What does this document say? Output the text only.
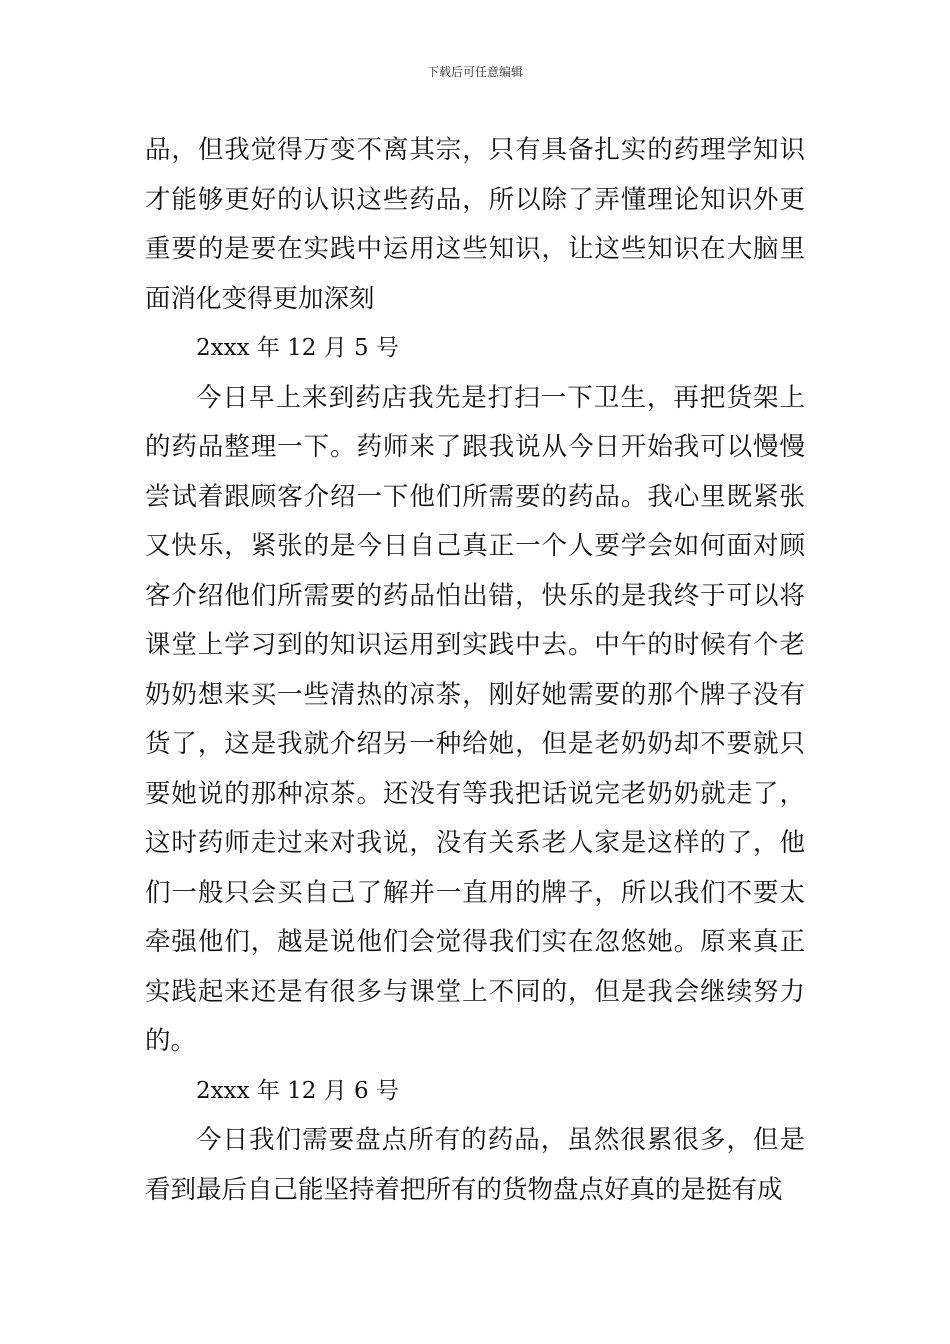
下载后可任意编辑

品，但我觉得万变不离其宗，只有具备扎实的药理学知识才能够更好的认识这些药品，所以除了弄懂理论知识外更重要的是要在实践中运用这些知识，让这些知识在大脑里面消化变得更加深刻

2xxx 年 12 月 5 号

今日早上来到药店我先是打扫一下卫生，再把货架上的药品整理一下。药师来了跟我说从今日开始我可以慢慢尝试着跟顾客介绍一下他们所需要的药品。我心里既紧张又快乐，紧张的是今日自己真正一个人要学会如何面对顾客介绍他们所需要的药品怕出错，快乐的是我终于可以将课堂上学习到的知识运用到实践中去。中午的时候有个老奶奶想来买一些清热的凉茶，刚好她需要的那个牌子没有货了，这是我就介绍另一种给她，但是老奶奶却不要就只要她说的那种凉茶。还没有等我把话说完老奶奶就走了，这时药师走过来对我说，没有关系老人家是这样的了，他们一般只会买自己了解并一直用的牌子，所以我们不要太牵强他们，越是说他们会觉得我们实在忽悠她。原来真正实践起来还是有很多与课堂上不同的，但是我会继续努力的。

2xxx 年 12 月 6 号

今日我们需要盘点所有的药品，虽然很累很多，但是看到最后自己能坚持着把所有的货物盘点好真的是挺有成
